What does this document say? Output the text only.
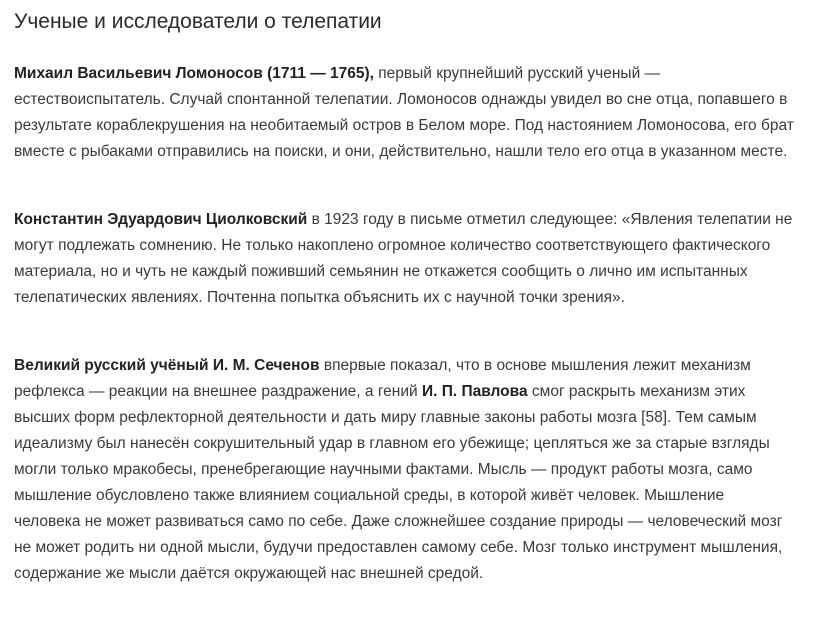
Ученые и исследователи о телепатии

Михаил Васильевич Ломоносов (1711 — 1765), первый крупнейший русский ученый — естествоиспытатель. Случай спонтанной телепатии. Ломоносов однажды увидел во сне отца, попавшего в результате кораблекрушения на необитаемый остров в Белом море. Под настоянием Ломоносова, его брат вместе с рыбаками отправились на поиски, и они, действительно, нашли тело его отца в указанном месте.

Константин Эдуардович Циолковский в 1923 году в письме отметил следующее: «Явления телепатии не могут подлежать сомнению. Не только накоплено огромное количество соответствующего фактического материала, но и чуть не каждый поживший семьянин не откажется сообщить о лично им испытанных телепатических явлениях. Почтенна попытка объяснить их с научной точки зрения».

Великий русский учёный И. М. Сеченов впервые показал, что в основе мышления лежит механизм рефлекса — реакции на внешнее раздражение, а гений И. П. Павлова смог раскрыть механизм этих высших форм рефлекторной деятельности и дать миру главные законы работы мозга [58]. Тем самым идеализму был нанесён сокрушительный удар в главном его убежище; цепляться же за старые взгляды могли только мракобесы, пренебрегающие научными фактами. Мысль — продукт работы мозга, само мышление обусловлено также влиянием социальной среды, в которой живёт человек. Мышление человека не может развиваться само по себе. Даже сложнейшее создание природы — человеческий мозг не может родить ни одной мысли, будучи предоставлен самому себе. Мозг только инструмент мышления, содержание же мысли даётся окружающей нас внешней средой.
